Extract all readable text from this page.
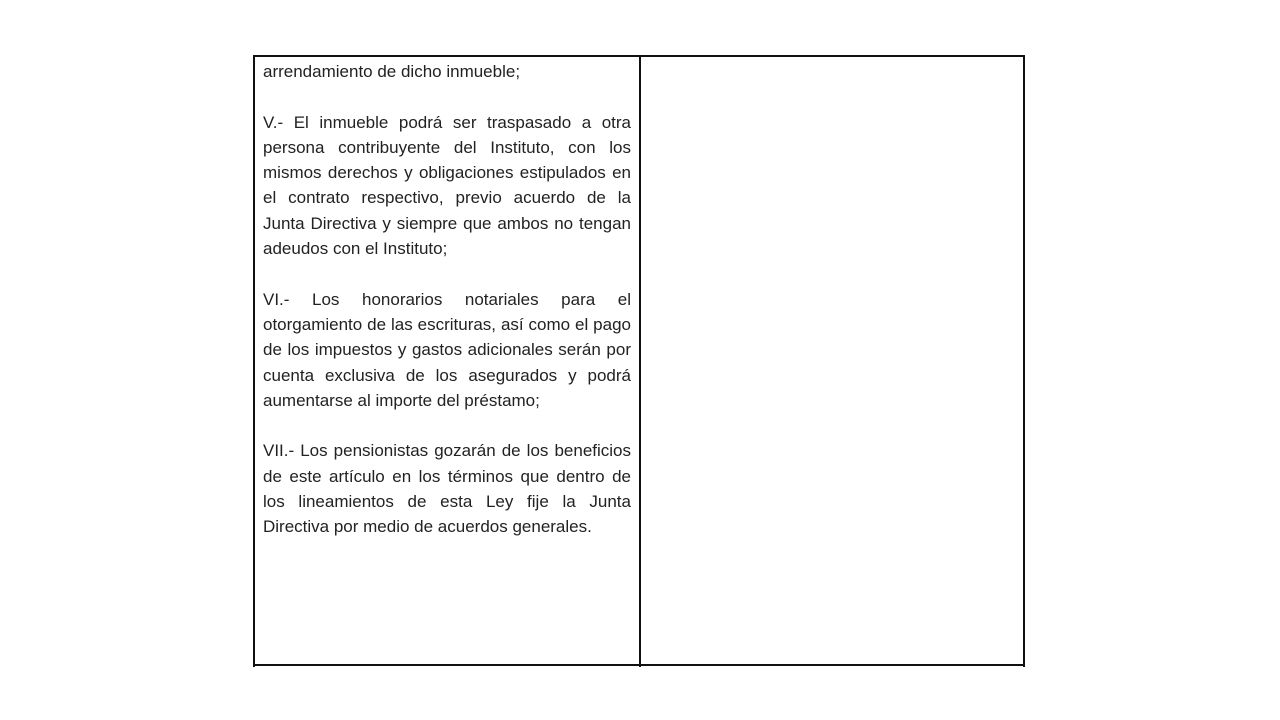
arrendamiento de dicho inmueble;

V.- El inmueble podrá ser traspasado a otra persona contribuyente del Instituto, con los mismos derechos y obligaciones estipulados en el contrato respectivo, previo acuerdo de la Junta Directiva y siempre que ambos no tengan adeudos con el Instituto;

VI.- Los honorarios notariales para el otorgamiento de las escrituras, así como el pago de los impuestos y gastos adicionales serán por cuenta exclusiva de los asegurados y podrá aumentarse al importe del préstamo;

VII.- Los pensionistas gozarán de los beneficios de este artículo en los términos que dentro de los lineamientos de esta Ley fije la Junta Directiva por medio de acuerdos generales.
